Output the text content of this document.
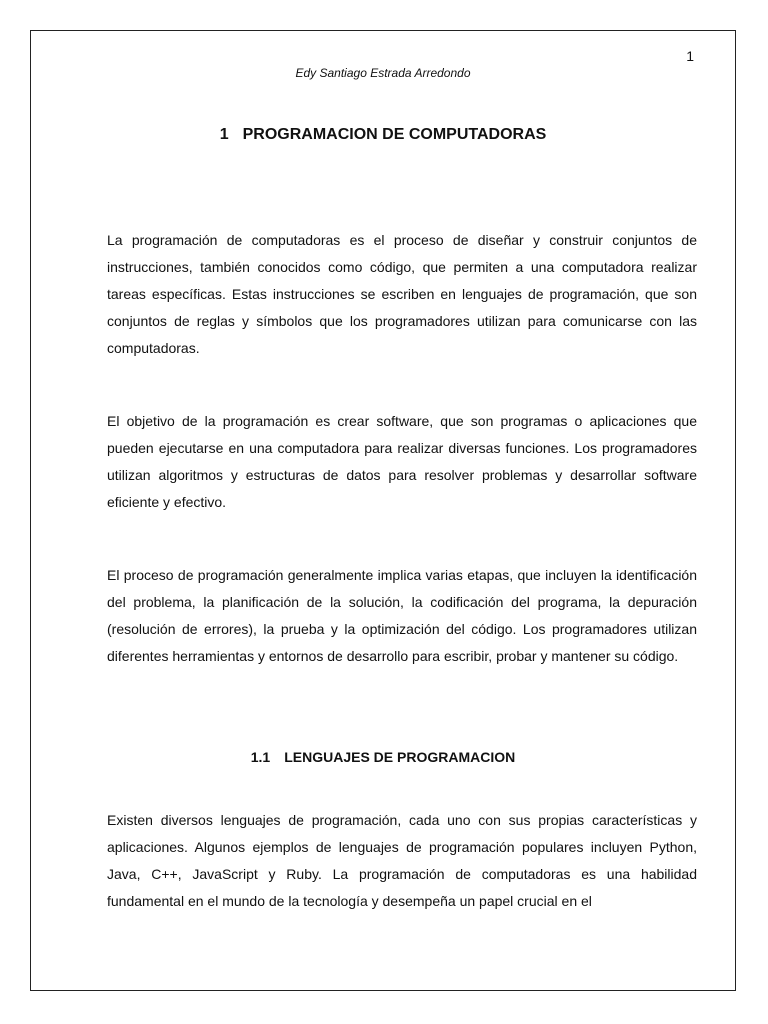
1
Edy Santiago Estrada Arredondo
1 PROGRAMACION DE COMPUTADORAS

La programación de computadoras es el proceso de diseñar y construir conjuntos de instrucciones, también conocidos como código, que permiten a una computadora realizar tareas específicas. Estas instrucciones se escriben en lenguajes de programación, que son conjuntos de reglas y símbolos que los programadores utilizan para comunicarse con las computadoras.

El objetivo de la programación es crear software, que son programas o aplicaciones que pueden ejecutarse en una computadora para realizar diversas funciones. Los programadores utilizan algoritmos y estructuras de datos para resolver problemas y desarrollar software eficiente y efectivo.

El proceso de programación generalmente implica varias etapas, que incluyen la identificación del problema, la planificación de la solución, la codificación del programa, la depuración (resolución de errores), la prueba y la optimización del código. Los programadores utilizan diferentes herramientas y entornos de desarrollo para escribir, probar y mantener su código.

1.1 LENGUAJES DE PROGRAMACION

Existen diversos lenguajes de programación, cada uno con sus propias características y aplicaciones. Algunos ejemplos de lenguajes de programación populares incluyen Python, Java, C++, JavaScript y Ruby. La programación de computadoras es una habilidad fundamental en el mundo de la tecnología y desempeña un papel crucial en el
